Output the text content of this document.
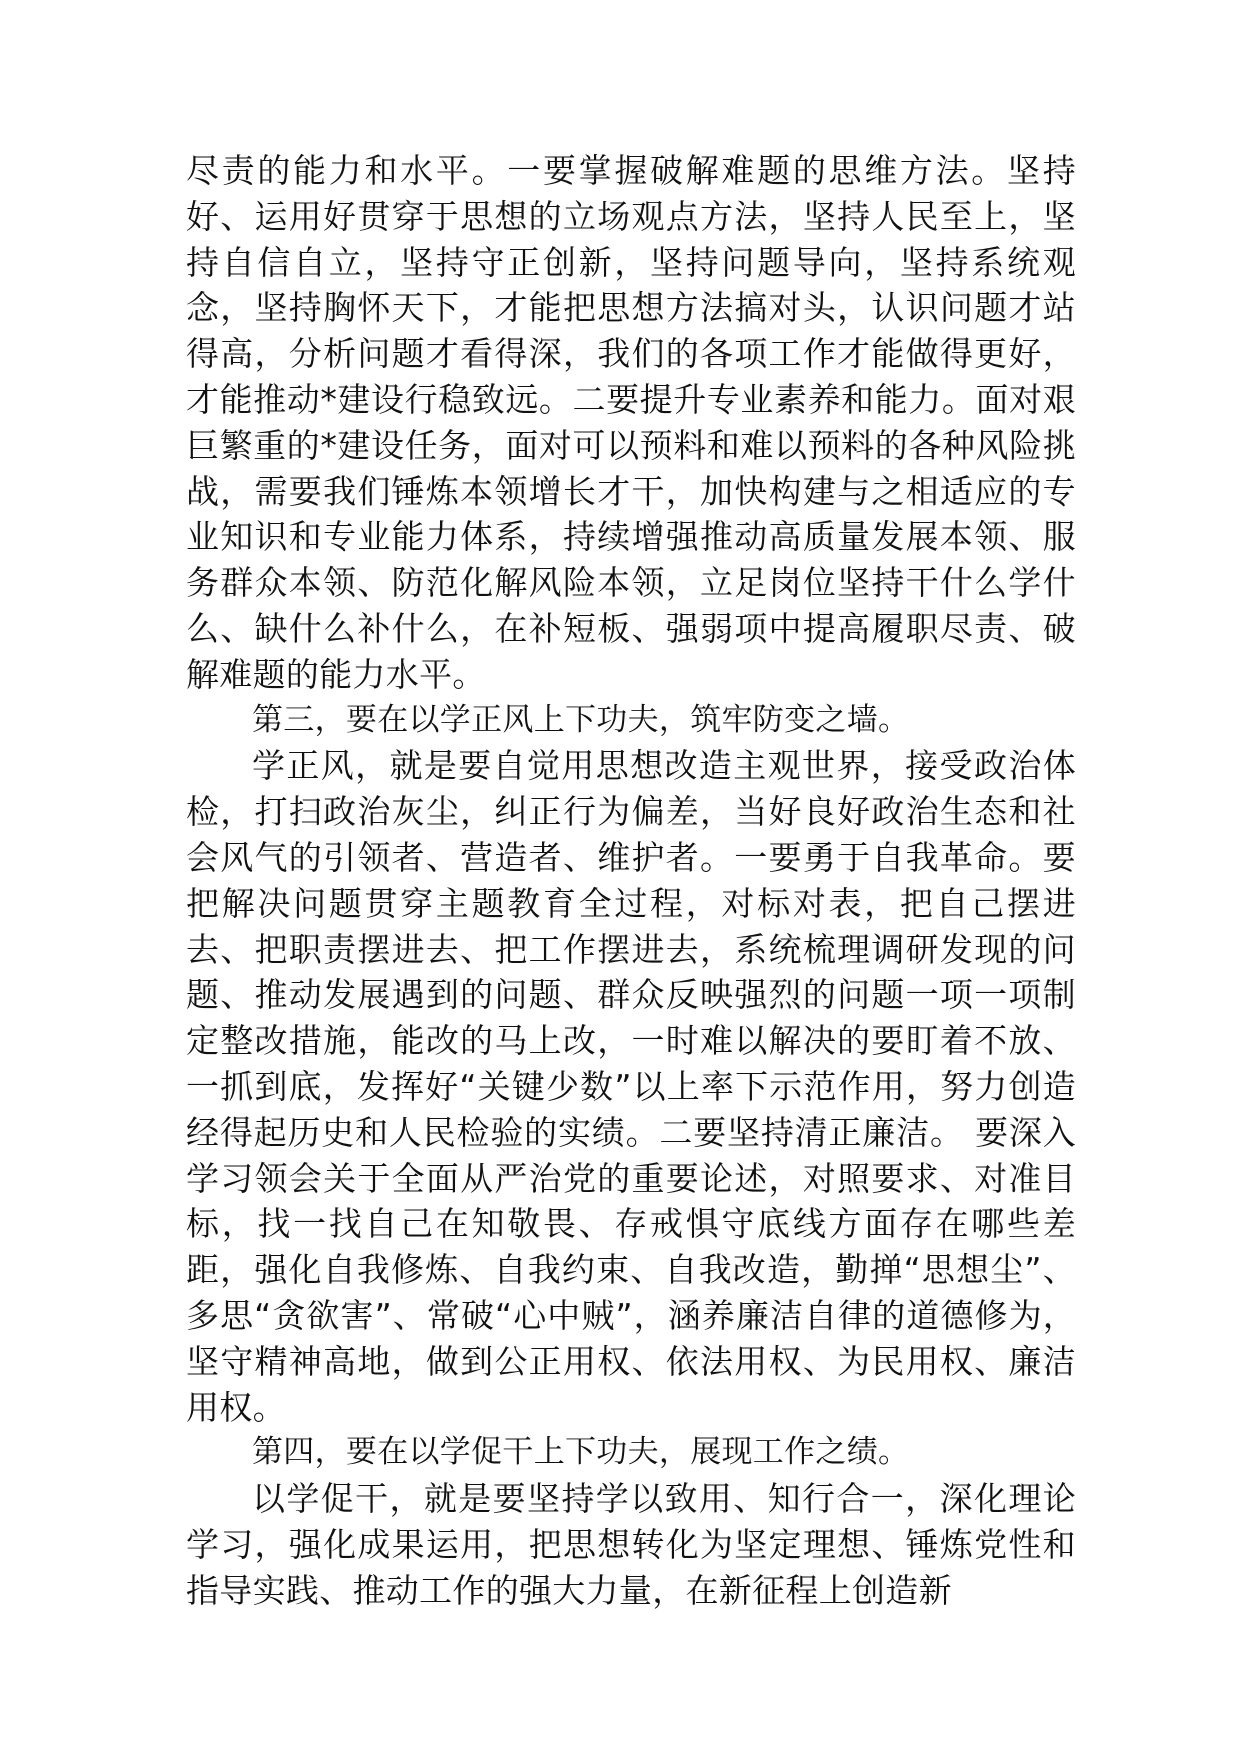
尽责的能力和水平。一要掌握破解难题的思维方法。坚持好、运用好贯穿于思想的立场观点方法，坚持人民至上，坚持自信自立，坚持守正创新，坚持问题导向，坚持系统观念，坚持胸怀天下，才能把思想方法搞对头，认识问题才站得高，分析问题才看得深，我们的各项工作才能做得更好，才能推动*建设行稳致远。二要提升专业素养和能力。面对艰巨繁重的*建设任务，面对可以预料和难以预料的各种风险挑战，需要我们锤炼本领增长才干，加快构建与之相适应的专业知识和专业能力体系，持续增强推动高质量发展本领、服务群众本领、防范化解风险本领，立足岗位坚持干什么学什么、缺什么补什么，在补短板、强弱项中提高履职尽责、破解难题的能力水平。

第三，要在以学正风上下功夫，筑牢防变之墙。

学正风，就是要自觉用思想改造主观世界，接受政治体检，打扫政治灰尘，纠正行为偏差，当好良好政治生态和社会风气的引领者、营造者、维护者。一要勇于自我革命。要把解决问题贯穿主题教育全过程，对标对表，把自己摆进去、把职责摆进去、把工作摆进去，系统梳理调研发现的问题、推动发展遇到的问题、群众反映强烈的问题一项一项制定整改措施，能改的马上改，一时难以解决的要盯着不放、一抓到底，发挥好“关键少数”以上率下示范作用，努力创造经得起历史和人民检验的实绩。二要坚持清正廉洁。 要深入学习领会关于全面从严治党的重要论述，对照要求、对准目标，找一找自己在知敬畏、存戒惧守底线方面存在哪些差距，强化自我修炼、自我约束、自我改造，勤掸“思想尘”、多思“贪欲害”、常破“心中贼”，涵养廉洁自律的道德修为，坚守精神高地，做到公正用权、依法用权、为民用权、廉洁用权。

第四，要在以学促干上下功夫，展现工作之绩。

以学促干，就是要坚持学以致用、知行合一，深化理论学习，强化成果运用，把思想转化为坚定理想、锤炼党性和指导实践、推动工作的强大力量，在新征程上创造新
